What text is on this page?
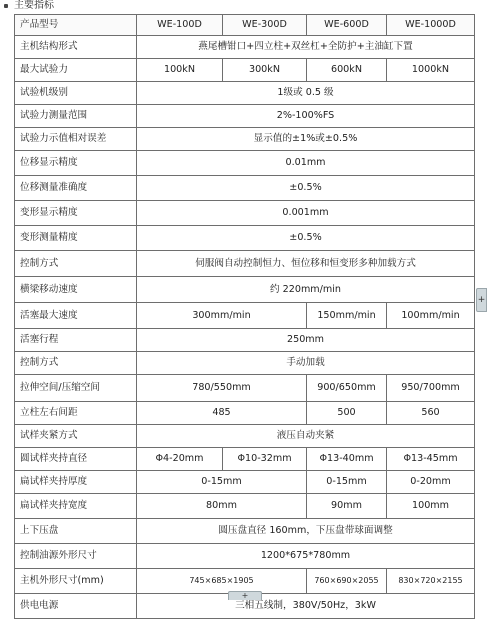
主要指标
产品型号	WE-100D	WE-300D	WE-600D	WE-1000D
主机结构形式	燕尾槽钳口+四立柱+双丝杠+全防护+主油缸下置			
最大试验力	100kN	300kN	600kN	1000kN
试验机级别	1级或 0.5 级			
试验力测量范围	2%-100%FS			
试验力示值相对误差	显示值的±1%或±0.5%			
位移显示精度	0.01mm			
位移测量准确度	±0.5%			
变形显示精度	0.001mm			
变形测量精度	±0.5%			
控制方式	伺服阀自动控制恒力、恒位移和恒变形多种加载方式			
横梁移动速度	约 220mm/min			
活塞最大速度	300mm/min		150mm/min	100mm/min
活塞行程	250mm			
控制方式	手动加载			
拉伸空间/压缩空间	780/550mm		900/650mm	950/700mm
立柱左右间距	485		500	560
试样夹紧方式	液压自动夹紧			
圆试样夹持直径	Φ4-20mm	Φ10-32mm	Φ13-40mm	Φ13-45mm
扁试样夹持厚度	0-15mm		0-15mm	0-20mm
扁试样夹持宽度	80mm		90mm	100mm
上下压盘	圆压盘直径 160mm，下压盘带球面调整			
控制油源外形尺寸	1200*675*780mm			
主机外形尺寸(mm)	745×685×1905		760×690×2055	830×720×2155
供电电源	三相五线制，380V/50Hz，3kW			
+
+
